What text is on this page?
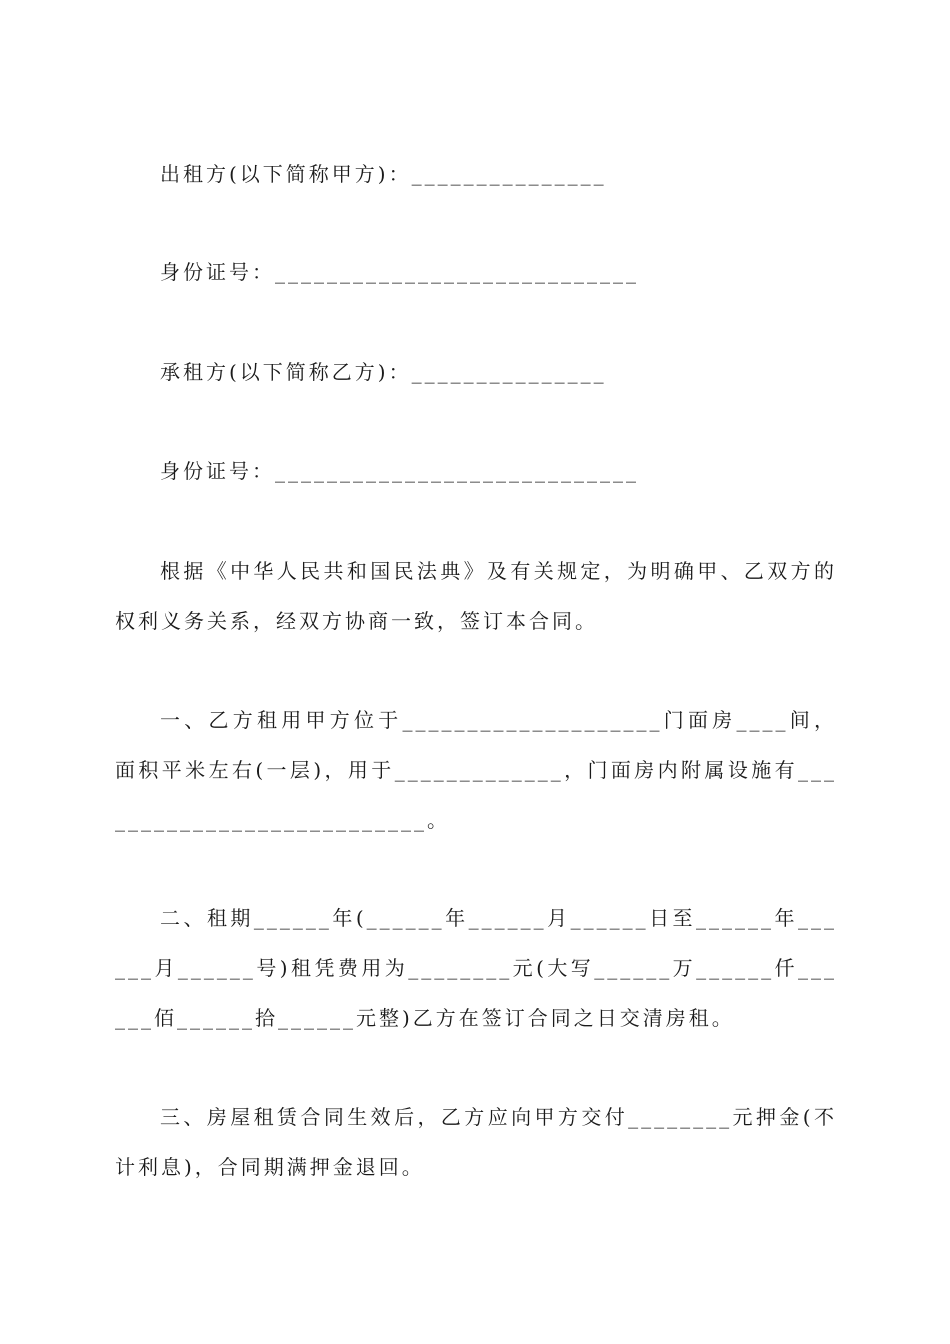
出租方(以下简称甲方)：_______________
身份证号：____________________________
承租方(以下简称乙方)：_______________
身份证号：____________________________
根据《中华人民共和国民法典》及有关规定，为明确甲、乙双方的权利义务关系，经双方协商一致，签订本合同。
一、乙方租用甲方位于____________________门面房____间，面积平米左右(一层)，用于_____________，门面房内附属设施有___________________________。
二、租期______年(______年______月______日至______年______月______号)租凭费用为________元(大写______万______仟______佰______拾______元整)乙方在签订合同之日交清房租。
三、房屋租赁合同生效后，乙方应向甲方交付________元押金(不计利息)，合同期满押金退回。
